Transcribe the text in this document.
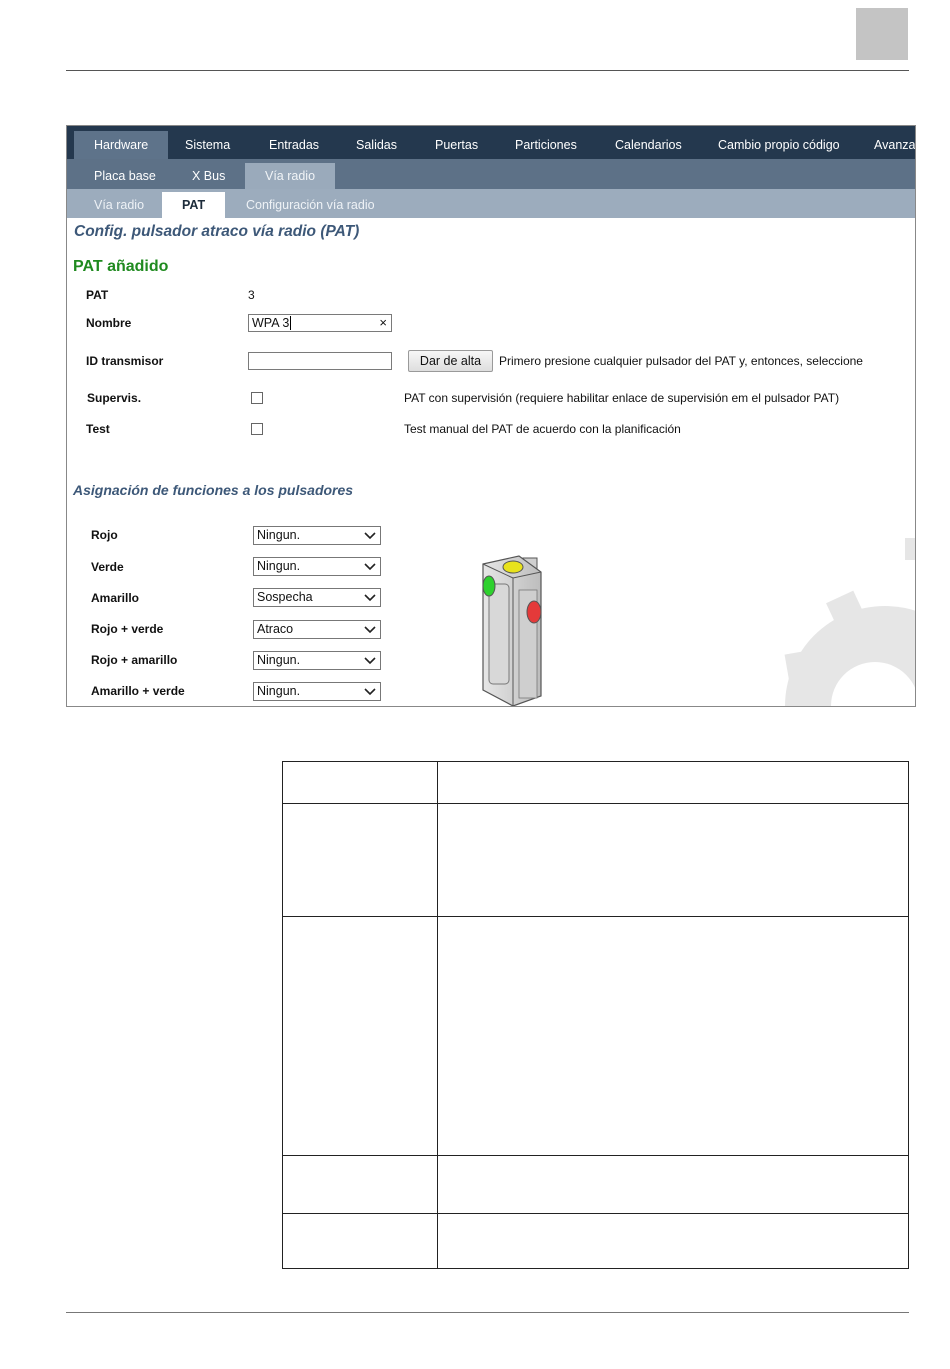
Hardware	Sistema	Entradas	Salidas	Puertas	Particiones	Calendarios	Cambio propio código	Avanza
Placa base	X Bus	Vía radio
Vía radio	PAT	Configuración vía radio
Config. pulsador atraco vía radio (PAT)
PAT añadido
PAT	3
Nombre	WPA 3	×
ID transmisor	Dar de alta	Primero presione cualquier pulsador del PAT y, entonces, seleccione
Supervis.	PAT con supervisión (requiere habilitar enlace de supervisión em el pulsador PAT)
Test	Test manual del PAT de acuerdo con la planificación
Asignación de funciones a los pulsadores
Rojo	Ningun.
Verde	Ningun.
Amarillo	Sospecha
Rojo + verde	Atraco
Rojo + amarillo	Ningun.
Amarillo + verde	Ningun.
